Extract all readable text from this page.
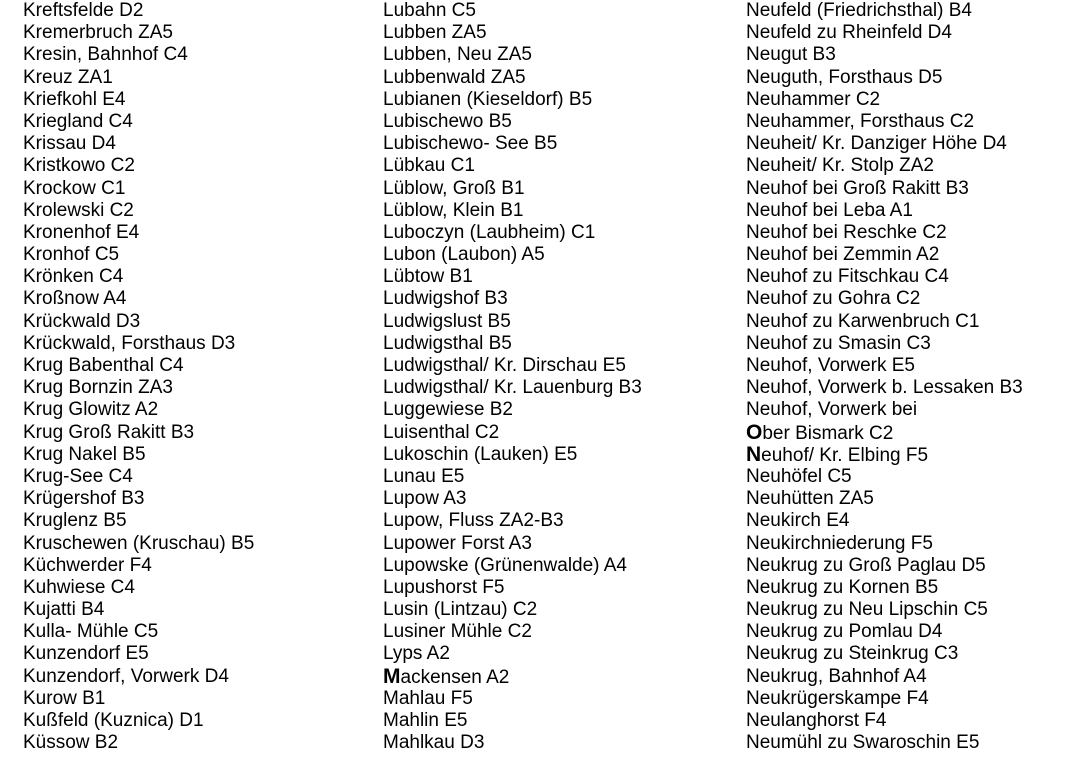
Kreftsfelde D2
Kremerbruch ZA5
Kresin, Bahnhof C4
Kreuz ZA1
Kriefkohl E4
Kriegland C4
Krissau D4
Kristkowo C2
Krockow C1
Krolewski C2
Kronenhof E4
Kronhof C5
Krönken C4
Kroßnow A4
Krückwald D3
Krückwald, Forsthaus D3
Krug Babenthal C4
Krug Bornzin ZA3
Krug Glowitz A2
Krug Groß Rakitt B3
Krug Nakel B5
Krug-See C4
Krügershof B3
Kruglenz B5
Kruschewen (Kruschau) B5
Küchwerder F4
Kuhwiese C4
Kujatti B4
Kulla- Mühle C5
Kunzendorf E5
Kunzendorf, Vorwerk D4
Kurow B1
Kußfeld (Kuznica) D1
Küssow B2
Lubahn C5
Lubben ZA5
Lubben, Neu ZA5
Lubbenwald ZA5
Lubianen (Kieseldorf) B5
Lubischewo B5
Lubischewo- See B5
Lübkau C1
Lüblow, Groß B1
Lüblow, Klein B1
Luboczyn (Laubheim) C1
Lubon (Laubon) A5
Lübtow B1
Ludwigshof B3
Ludwigslust B5
Ludwigsthal B5
Ludwigsthal/ Kr. Dirschau E5
Ludwigsthal/ Kr. Lauenburg B3
Luggewiese B2
Luisenthal C2
Lukoschin (Lauken) E5
Lunau E5
Lupow A3
Lupow, Fluss ZA2-B3
Lupower Forst A3
Lupowske (Grünenwalde) A4
Lupushorst F5
Lusin (Lintzau) C2
Lusiner Mühle C2
Lyps A2
Mackensen A2
Mahlau F5
Mahlin E5
Mahlkau D3
Neufeld (Friedrichsthal) B4
Neufeld zu Rheinfeld D4
Neugut B3
Neuguth, Forsthaus D5
Neuhammer C2
Neuhammer, Forsthaus C2
Neuheit/ Kr. Danziger Höhe D4
Neuheit/ Kr. Stolp ZA2
Neuhof bei Groß Rakitt B3
Neuhof bei Leba A1
Neuhof bei Reschke C2
Neuhof bei Zemmin A2
Neuhof zu Fitschkau C4
Neuhof zu Gohra C2
Neuhof zu Karwenbruch C1
Neuhof zu Smasin C3
Neuhof, Vorwerk E5
Neuhof, Vorwerk b. Lessaken B3
Neuhof, Vorwerk bei
Ober Bismark C2
Neuhof/ Kr. Elbing F5
Neuhöfel C5
Neuhütten ZA5
Neukirch E4
Neukirchniederung F5
Neukrug zu Groß Paglau D5
Neukrug zu Kornen B5
Neukrug zu Neu Lipschin C5
Neukrug zu Pomlau D4
Neukrug zu Steinkrug C3
Neukrug, Bahnhof A4
Neukrügerskampe F4
Neulanghorst F4
Neumühl zu Swaroschin E5
